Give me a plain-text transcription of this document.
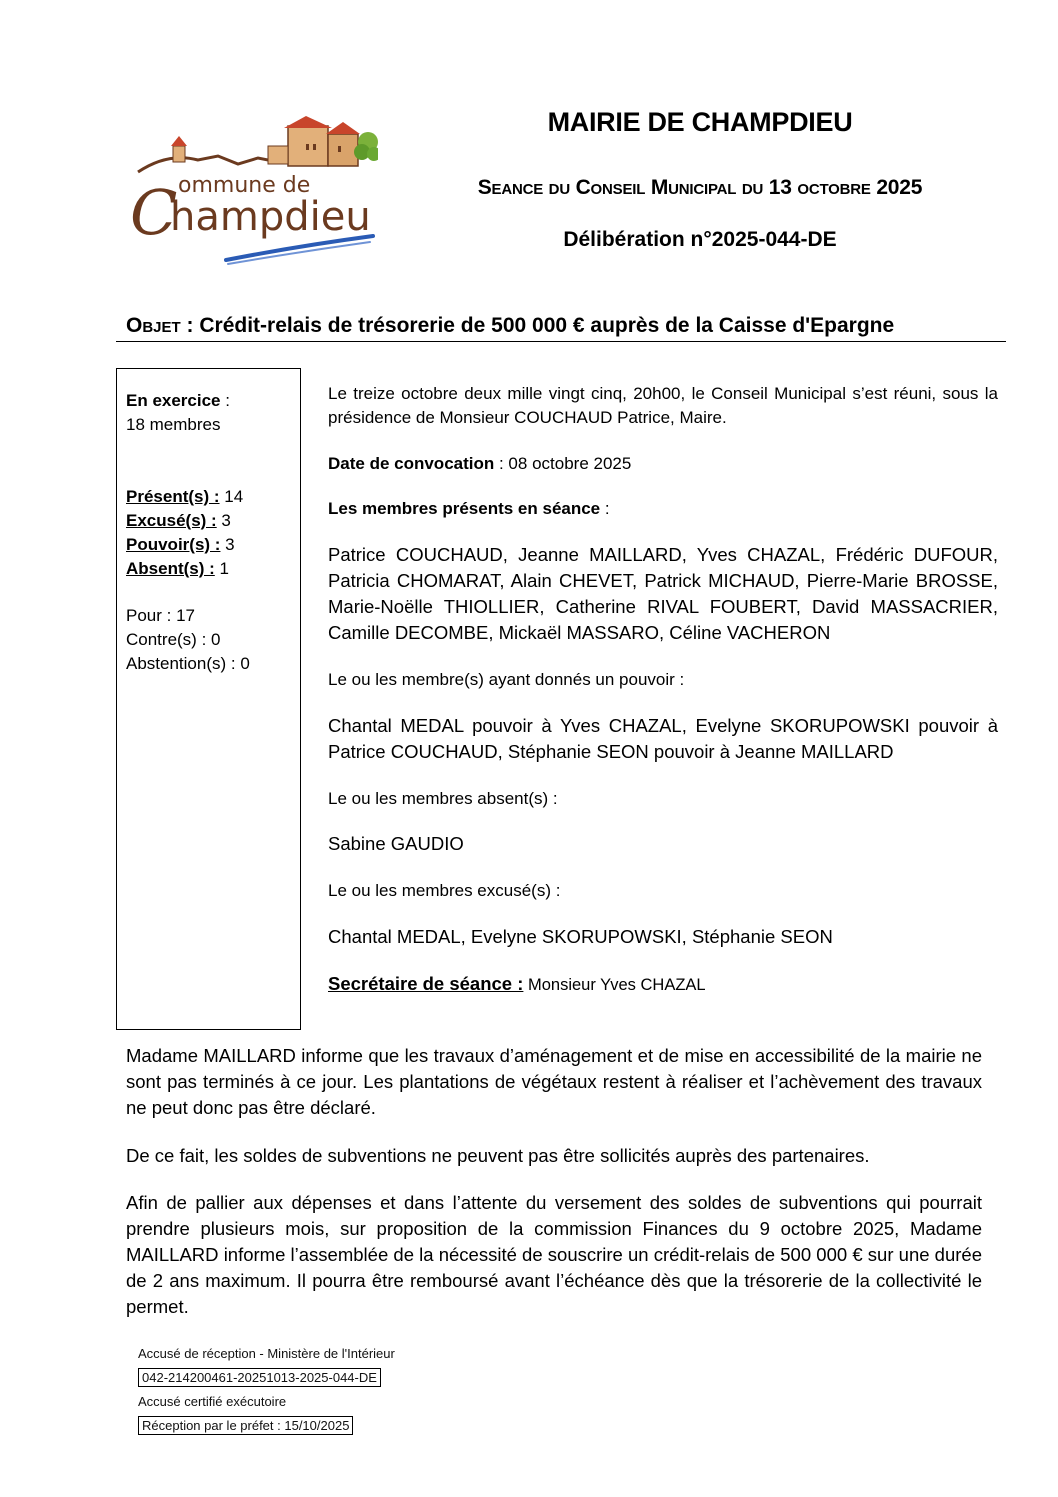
ommune de
C
hampdieu
MAIRIE DE CHAMPDIEU
Seance du Conseil Municipal du 13 octobre 2025
Délibération n°2025-044-DE
Objet : Crédit-relais de trésorerie de 500 000 € auprès de la Caisse d'Epargne
En exercice :
18 membres
Présent(s) : 14
Excusé(s) : 3
Pouvoir(s) : 3
Absent(s) : 1
Pour : 17
Contre(s) : 0
Abstention(s) : 0
Le treize octobre deux mille vingt cinq, 20h00, le Conseil Municipal s’est réuni, sous la présidence de Monsieur COUCHAUD Patrice, Maire.
Date de convocation : 08 octobre 2025
Les membres présents en séance :
Patrice COUCHAUD, Jeanne MAILLARD, Yves CHAZAL, Frédéric DUFOUR, Patricia CHOMARAT, Alain CHEVET, Patrick MICHAUD, Pierre-Marie BROSSE, Marie-Noëlle THIOLLIER, Catherine RIVAL FOUBERT, David MASSACRIER, Camille DECOMBE, Mickaël MASSARO, Céline VACHERON
Le ou les membre(s) ayant donnés un pouvoir :
Chantal MEDAL pouvoir à Yves CHAZAL, Evelyne SKORUPOWSKI pouvoir à Patrice COUCHAUD, Stéphanie SEON pouvoir à Jeanne MAILLARD
Le ou les membres absent(s) :
Sabine GAUDIO
Le ou les membres excusé(s) :
Chantal MEDAL, Evelyne SKORUPOWSKI, Stéphanie SEON
Secrétaire de séance : Monsieur Yves CHAZAL
Madame MAILLARD informe que les travaux d’aménagement et de mise en accessibilité de la mairie ne sont pas terminés à ce jour. Les plantations de végétaux restent à réaliser et l’achèvement des travaux ne peut donc pas être déclaré.
De ce fait, les soldes de subventions ne peuvent pas être sollicités auprès des partenaires.
Afin de pallier aux dépenses et dans l’attente du versement des soldes de subventions qui pourrait prendre plusieurs mois, sur proposition de la commission Finances du 9 octobre 2025, Madame MAILLARD informe l’assemblée de la nécessité de souscrire un crédit-relais de 500 000 € sur une durée de 2 ans maximum. Il pourra être remboursé avant l’échéance dès que la trésorerie de la collectivité le permet.
Accusé de réception - Ministère de l'Intérieur
042-214200461-20251013-2025-044-DE
Accusé certifié exécutoire
Réception par le préfet : 15/10/2025
